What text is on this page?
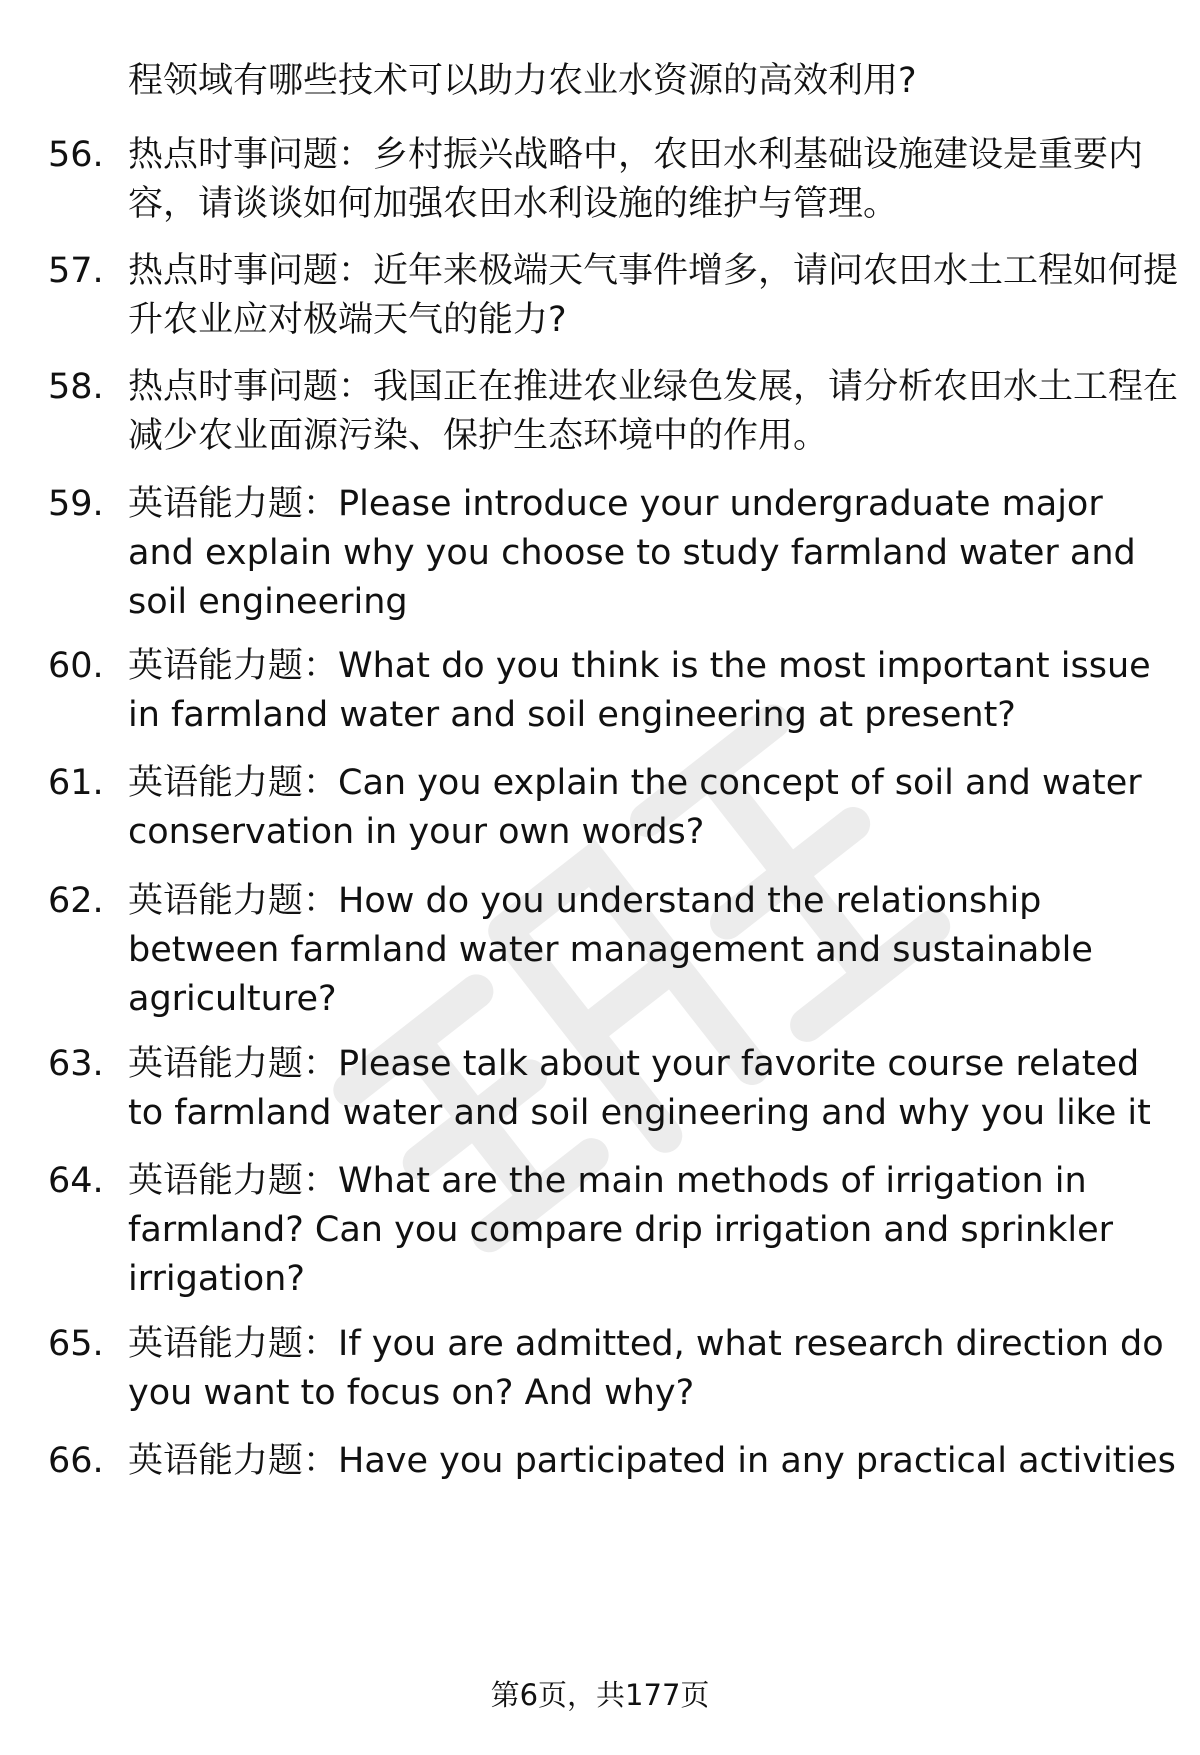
程领域有哪些技术可以助力农业水资源的高效利用?

56. 热点时事问题：乡村振兴战略中，农田水利基础设施建设是重要内容，请谈谈如何加强农田水利设施的维护与管理。

57. 热点时事问题：近年来极端天气事件增多，请问农田水土工程如何提升农业应对极端天气的能力?

58. 热点时事问题：我国正在推进农业绿色发展，请分析农田水土工程在减少农业面源污染、保护生态环境中的作用。

59. 英语能力题：Please introduce your undergraduate major and explain why you choose to study farmland water and soil engineering

60. 英语能力题：What do you think is the most important issue in farmland water and soil engineering at present?

61. 英语能力题：Can you explain the concept of soil and water conservation in your own words?

62. 英语能力题：How do you understand the relationship between farmland water management and sustainable agriculture?

63. 英语能力题：Please talk about your favorite course related to farmland water and soil engineering and why you like it

64. 英语能力题：What are the main methods of irrigation in farmland? Can you compare drip irrigation and sprinkler irrigation?

65. 英语能力题：If you are admitted, what research direction do you want to focus on? And why?

66. 英语能力题：Have you participated in any practical activities

第6页，共177页
